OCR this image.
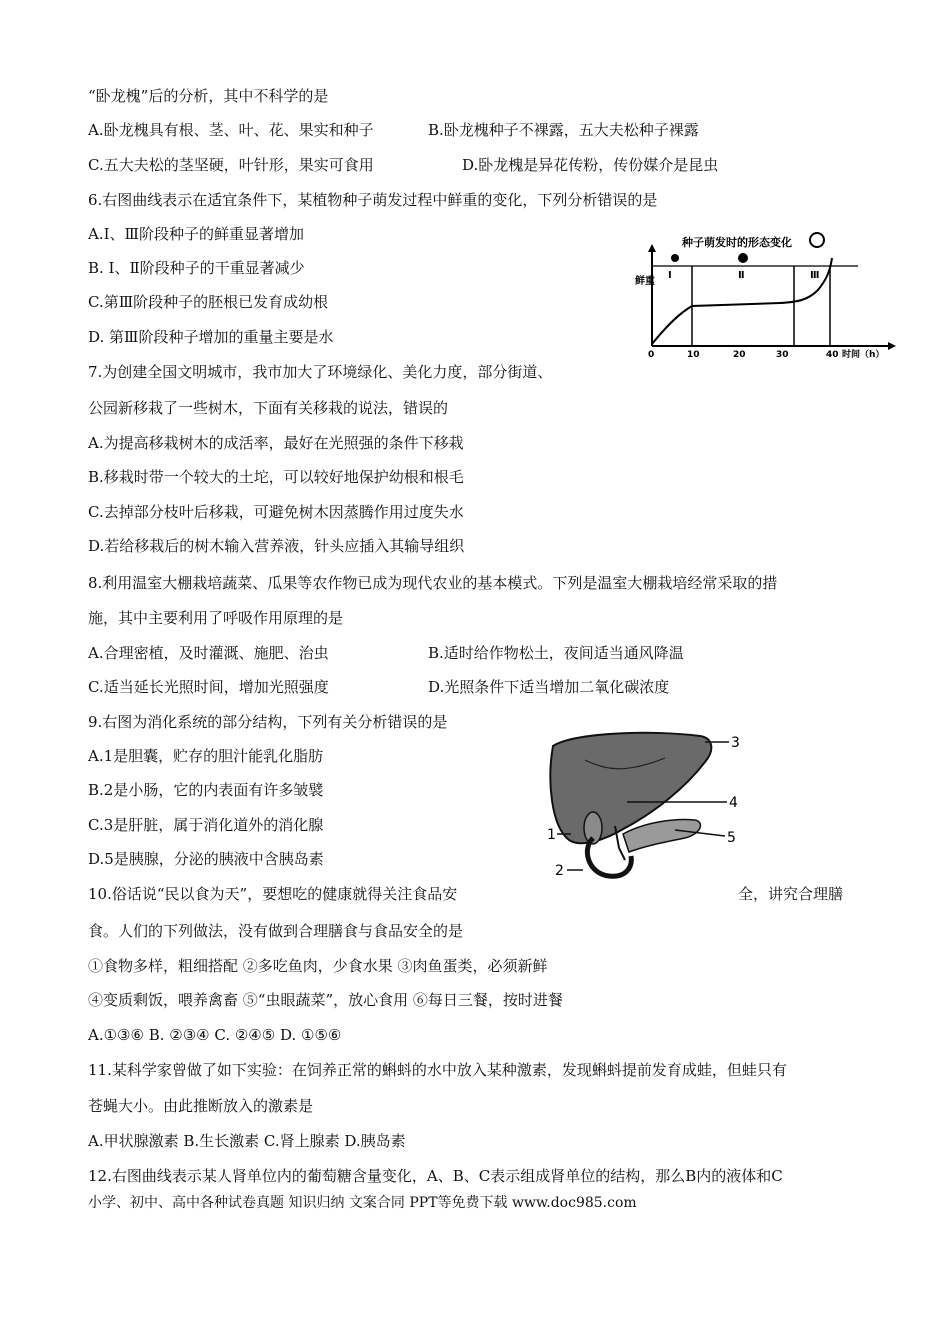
“卧龙槐”后的分析，其中不科学的是
A.卧龙槐具有根、茎、叶、花、果实和种子	B.卧龙槐种子不裸露，五大夫松种子裸露
C.五大夫松的茎坚硬，叶针形，果实可食用	D.卧龙槐是异花传粉，传份媒介是昆虫
6.右图曲线表示在适宜条件下，某植物种子萌发过程中鲜重的变化，下列分析错误的是
A.Ⅰ、Ⅲ阶段种子的鲜重显著增加
B. Ⅰ、Ⅱ阶段种子的干重显著减少
C.第Ⅲ阶段种子的胚根已发育成幼根
D. 第Ⅲ阶段种子增加的重量主要是水
7.为创建全国文明城市，我市加大了环境绿化、美化力度，部分街道、
公园新移栽了一些树木，下面有关移栽的说法，错误的
A.为提高移栽树木的成活率，最好在光照强的条件下移栽
B.移栽时带一个较大的土坨，可以较好地保护幼根和根毛
C.去掉部分枝叶后移栽，可避免树木因蒸腾作用过度失水
D.若给移栽后的树木输入营养液，针头应插入其输导组织
8.利用温室大棚栽培蔬菜、瓜果等农作物已成为现代农业的基本模式。下列是温室大棚栽培经常采取的措
施，其中主要利用了呼吸作用原理的是
A.合理密植，及时灌溉、施肥、治虫	B.适时给作物松土，夜间适当通风降温
C.适当延长光照时间，增加光照强度	D.光照条件下适当增加二氧化碳浓度
9.右图为消化系统的部分结构，下列有关分析错误的是
A.1是胆囊，贮存的胆汁能乳化脂肪
B.2是小肠，它的内表面有许多皱襞
C.3是肝脏，属于消化道外的消化腺
D.5是胰腺，分泌的胰液中含胰岛素
10.俗话说“民以食为天”，要想吃的健康就得关注食品安	全，讲究合理膳
食。人们的下列做法，没有做到合理膳食与食品安全的是
①食物多样，粗细搭配 ②多吃鱼肉，少食水果 ③肉鱼蛋类，必须新鲜
④变质剩饭，喂养禽畜 ⑤“虫眼蔬菜”，放心食用 ⑥每日三餐，按时进餐
A.①③⑥ B. ②③④ C. ②④⑤ D. ①⑤⑥
11.某科学家曾做了如下实验：在饲养正常的蝌蚪的水中放入某种激素，发现蝌蚪提前发育成蛙，但蛙只有
苍蝇大小。由此推断放入的激素是
A.甲状腺激素 B.生长激素 C.肾上腺素 D.胰岛素
12.右图曲线表示某人肾单位内的葡萄糖含量变化，A、B、C表示组成肾单位的结构，那么B内的液体和C
小学、初中、高中各种试卷真题 知识归纳 文案合同 PPT等免费下载 www.doc985.com
种子萌发时的形态变化
鲜重
Ⅰ	Ⅱ	Ⅲ
0	10	20	30	40 时间（h）
3
4
5
1
2
